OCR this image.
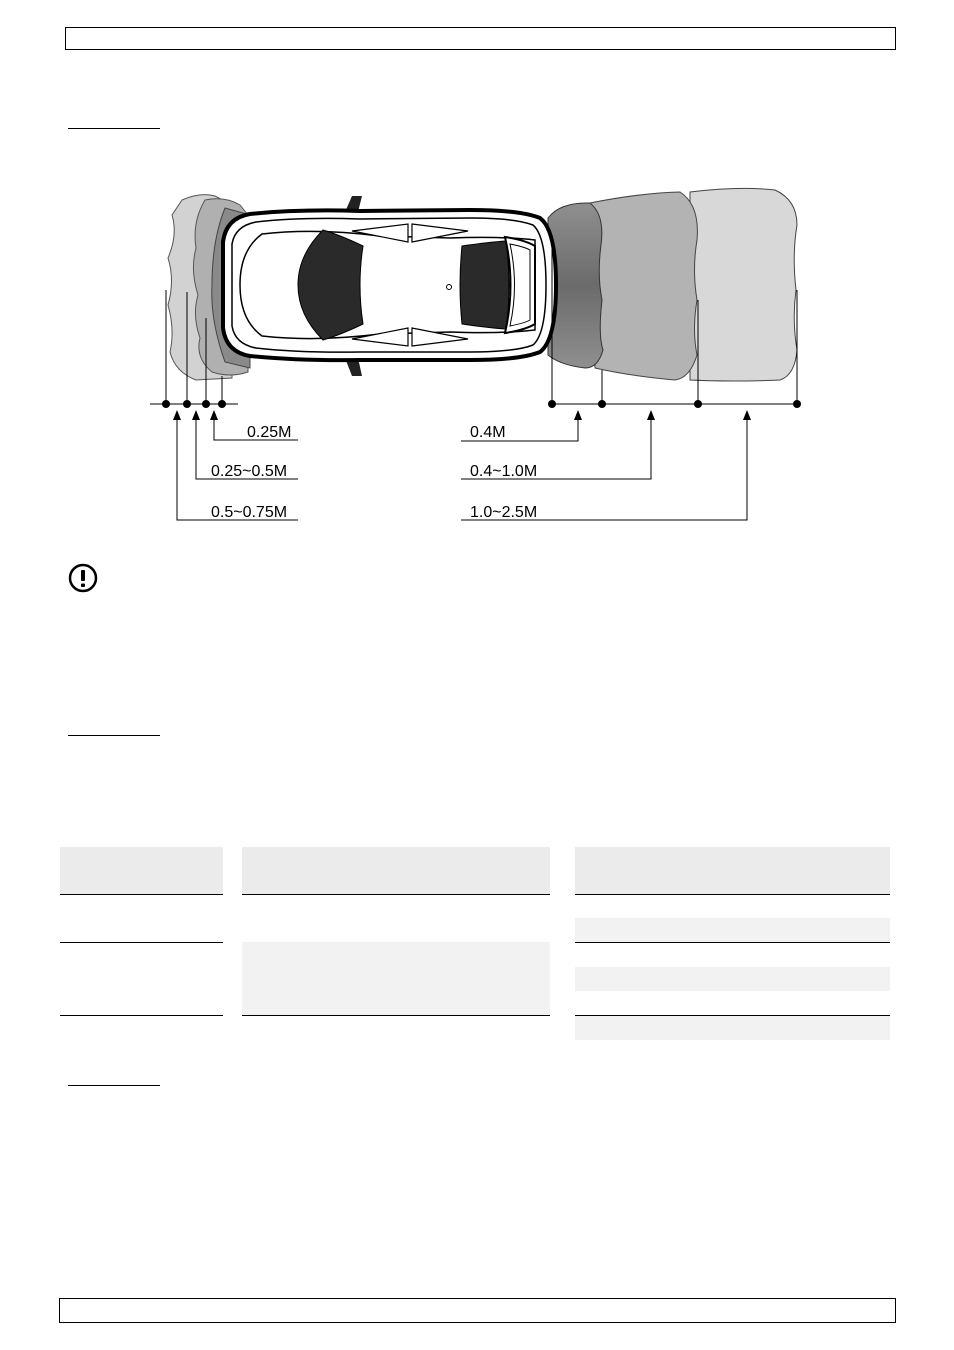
0.25M
0.25~0.5M
0.5~0.75M
0.4M
0.4~1.0M
1.0~2.5M
